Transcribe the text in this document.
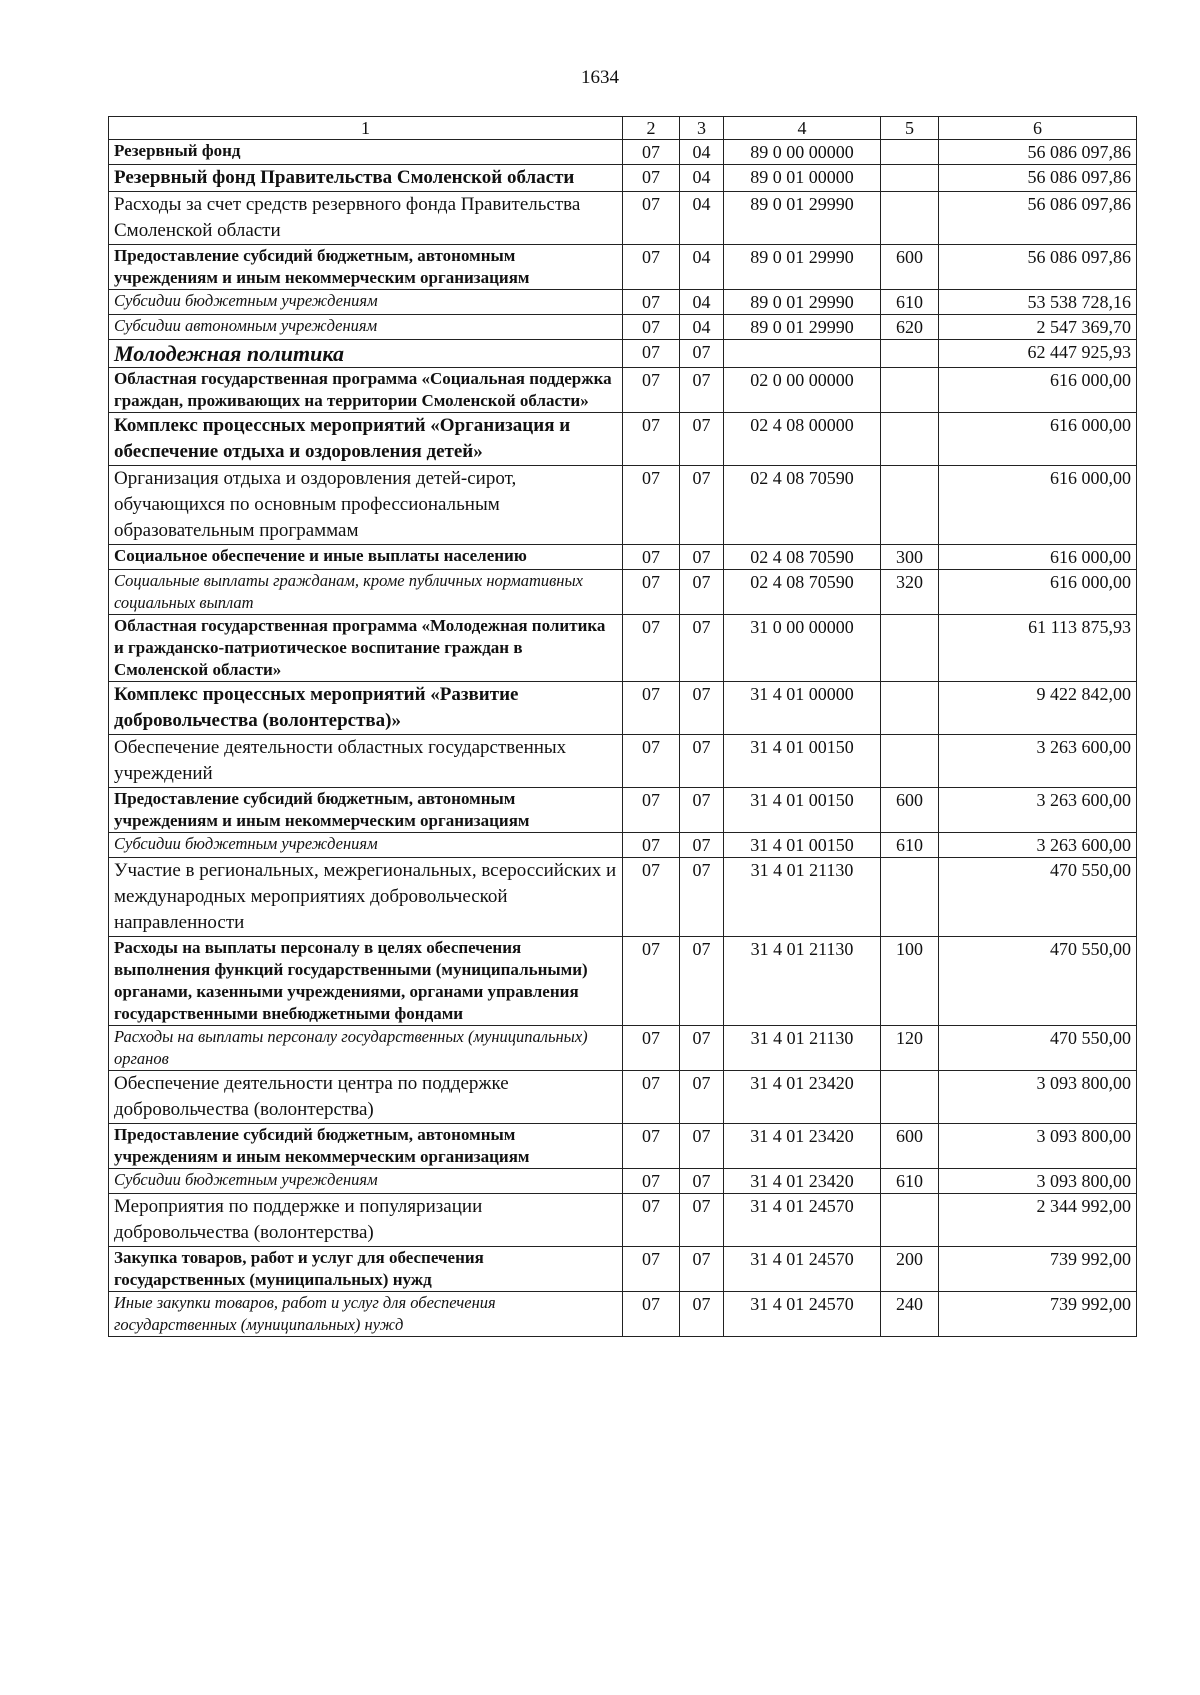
1634
1	2	3	4	5	6
Резервный фонд	07	04	89 0 00 00000		56 086 097,86
Резервный фонд Правительства Смоленской области	07	04	89 0 01 00000		56 086 097,86
Расходы за счет средств резервного фонда Правительства Смоленской области	07	04	89 0 01 29990		56 086 097,86
Предоставление субсидий бюджетным, автономным учреждениям и иным некоммерческим организациям	07	04	89 0 01 29990	600	56 086 097,86
Субсидии бюджетным учреждениям	07	04	89 0 01 29990	610	53 538 728,16
Субсидии автономным учреждениям	07	04	89 0 01 29990	620	2 547 369,70
Молодежная политика	07	07			62 447 925,93
Областная государственная программа «Социальная поддержка граждан, проживающих на территории Смоленской области»	07	07	02 0 00 00000		616 000,00
Комплекс процессных мероприятий «Организация и обеспечение отдыха и оздоровления детей»	07	07	02 4 08 00000		616 000,00
Организация отдыха и оздоровления детей-сирот, обучающихся по основным профессиональным образовательным программам	07	07	02 4 08 70590		616 000,00
Социальное обеспечение и иные выплаты населению	07	07	02 4 08 70590	300	616 000,00
Социальные выплаты гражданам, кроме публичных нормативных социальных выплат	07	07	02 4 08 70590	320	616 000,00
Областная государственная программа «Молодежная политика и гражданско-патриотическое воспитание граждан в Смоленской области»	07	07	31 0 00 00000		61 113 875,93
Комплекс процессных мероприятий «Развитие добровольчества (волонтерства)»	07	07	31 4 01 00000		9 422 842,00
Обеспечение деятельности областных государственных учреждений	07	07	31 4 01 00150		3 263 600,00
Предоставление субсидий бюджетным, автономным учреждениям и иным некоммерческим организациям	07	07	31 4 01 00150	600	3 263 600,00
Субсидии бюджетным учреждениям	07	07	31 4 01 00150	610	3 263 600,00
Участие в региональных, межрегиональных, всероссийских и международных мероприятиях добровольческой направленности	07	07	31 4 01 21130		470 550,00
Расходы на выплаты персоналу в целях обеспечения выполнения функций государственными (муниципальными) органами, казенными учреждениями, органами управления государственными внебюджетными фондами	07	07	31 4 01 21130	100	470 550,00
Расходы на выплаты персоналу государственных (муниципальных) органов	07	07	31 4 01 21130	120	470 550,00
Обеспечение деятельности центра по поддержке добровольчества (волонтерства)	07	07	31 4 01 23420		3 093 800,00
Предоставление субсидий бюджетным, автономным учреждениям и иным некоммерческим организациям	07	07	31 4 01 23420	600	3 093 800,00
Субсидии бюджетным учреждениям	07	07	31 4 01 23420	610	3 093 800,00
Мероприятия по поддержке и популяризации добровольчества (волонтерства)	07	07	31 4 01 24570		2 344 992,00
Закупка товаров, работ и услуг для обеспечения государственных (муниципальных) нужд	07	07	31 4 01 24570	200	739 992,00
Иные закупки товаров, работ и услуг для обеспечения государственных (муниципальных) нужд	07	07	31 4 01 24570	240	739 992,00
